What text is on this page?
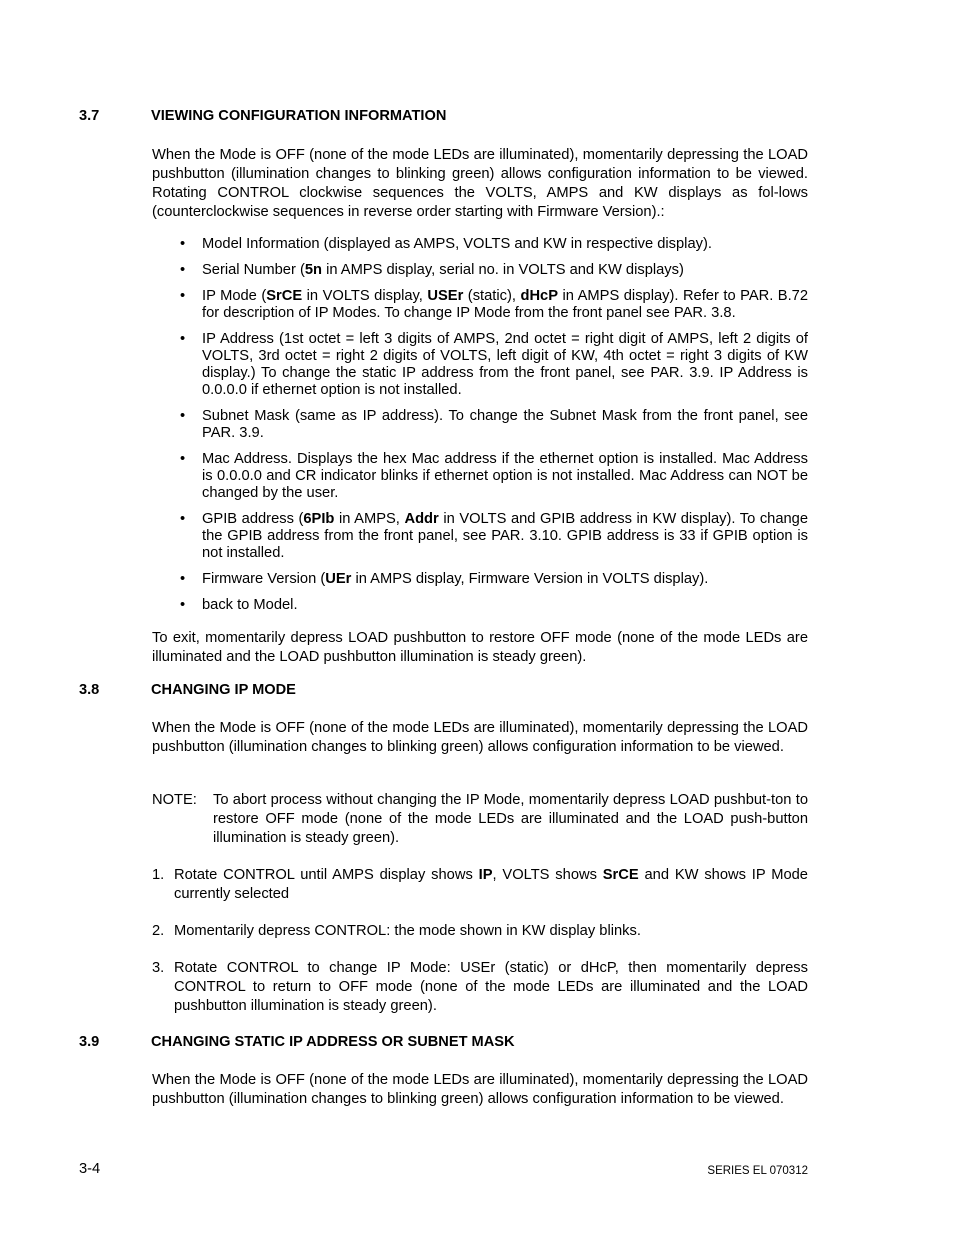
3.7	VIEWING CONFIGURATION INFORMATION
When the Mode is OFF (none of the mode LEDs are illuminated), momentarily depressing the LOAD pushbutton (illumination changes to blinking green) allows configuration information to be viewed. Rotating CONTROL clockwise sequences the VOLTS, AMPS and KW displays as fol-lows (counterclockwise sequences in reverse order starting with Firmware Version).:
• Model Information (displayed as AMPS, VOLTS and KW in respective display).
• Serial Number (5n in AMPS display, serial no. in VOLTS and KW displays)
• IP Mode (SrCE in VOLTS display, USEr (static), dHcP in AMPS display). Refer to PAR. B.72 for description of IP Modes. To change IP Mode from the front panel see PAR. 3.8.
• IP Address (1st octet = left 3 digits of AMPS, 2nd octet = right digit of AMPS, left 2 digits of VOLTS, 3rd octet = right 2 digits of VOLTS, left digit of KW, 4th octet = right 3 digits of KW display.) To change the static IP address from the front panel, see PAR. 3.9. IP Address is 0.0.0.0 if ethernet option is not installed.
• Subnet Mask (same as IP address). To change the Subnet Mask from the front panel, see PAR. 3.9.
• Mac Address. Displays the hex Mac address if the ethernet option is installed. Mac Address is 0.0.0.0 and CR indicator blinks if ethernet option is not installed. Mac Address can NOT be changed by the user.
• GPIB address (6PIb in AMPS, Addr in VOLTS and GPIB address in KW display). To change the GPIB address from the front panel, see PAR. 3.10. GPIB address is 33 if GPIB option is not installed.
• Firmware Version (UEr in AMPS display, Firmware Version in VOLTS display).
• back to Model.
To exit, momentarily depress LOAD pushbutton to restore OFF mode (none of the mode LEDs are illuminated and the LOAD pushbutton illumination is steady green).
3.8	CHANGING IP MODE
When the Mode is OFF (none of the mode LEDs are illuminated), momentarily depressing the LOAD pushbutton (illumination changes to blinking green) allows configuration information to be viewed.
NOTE: To abort process without changing the IP Mode, momentarily depress LOAD pushbut-ton to restore OFF mode (none of the mode LEDs are illuminated and the LOAD push-button illumination is steady green).
1. Rotate CONTROL until AMPS display shows IP, VOLTS shows SrCE and KW shows IP Mode currently selected
2. Momentarily depress CONTROL: the mode shown in KW display blinks.
3. Rotate CONTROL to change IP Mode: USEr (static) or dHcP, then momentarily depress CONTROL to return to OFF mode (none of the mode LEDs are illuminated and the LOAD pushbutton illumination is steady green).
3.9	CHANGING STATIC IP ADDRESS OR SUBNET MASK
When the Mode is OFF (none of the mode LEDs are illuminated), momentarily depressing the LOAD pushbutton (illumination changes to blinking green) allows configuration information to be viewed.
3-4	SERIES EL 070312
